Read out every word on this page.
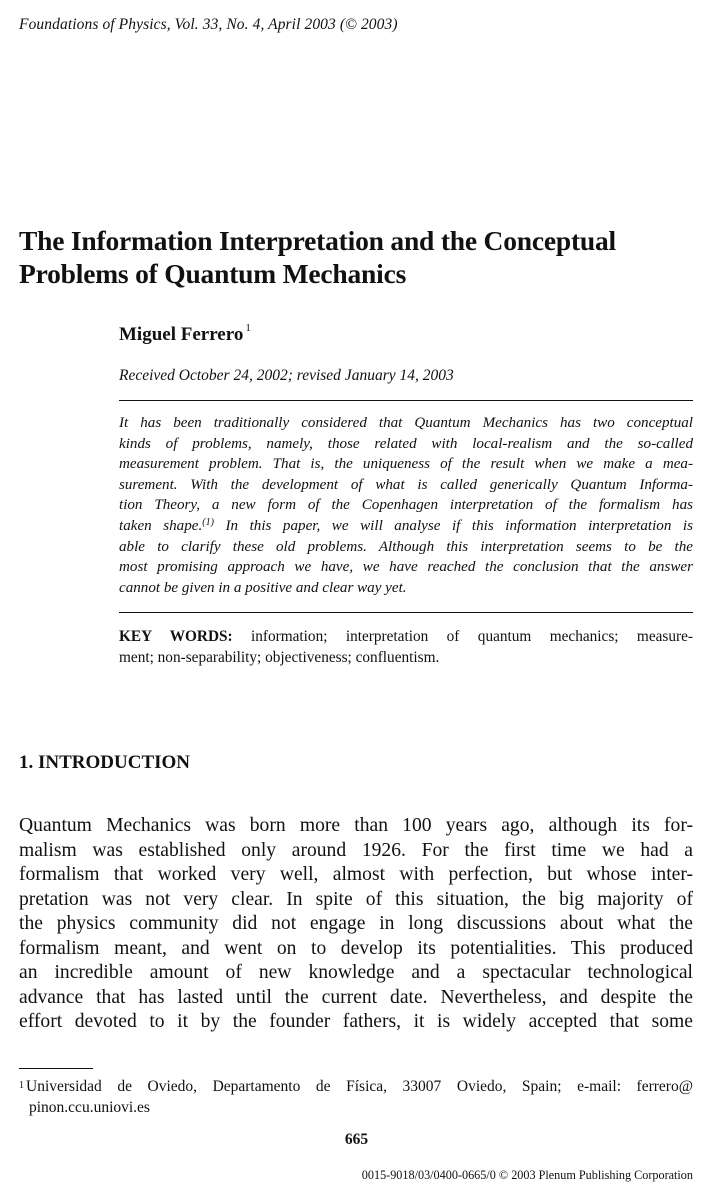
Foundations of Physics, Vol. 33, No. 4, April 2003 (© 2003)
The Information Interpretation and the Conceptual Problems of Quantum Mechanics
Miguel Ferrero $^1$
Received October 24, 2002; revised January 14, 2003
It has been traditionally considered that Quantum Mechanics has two conceptual
kinds of problems, namely, those related with local-realism and the so-called
measurement problem. That is, the uniqueness of the result when we make a mea-
surement. With the development of what is called generically Quantum Informa-
tion Theory, a new form of the Copenhagen interpretation of the formalism has
taken shape.$^{(1)}$ In this paper, we will analyse if this information interpretation is
able to clarify these old problems. Although this interpretation seems to be the
most promising approach we have, we have reached the conclusion that the answer
cannot be given in a positive and clear way yet.
KEY WORDS: information; interpretation of quantum mechanics; measure-
ment; non-separability; objectiveness; confluentism.
1. INTRODUCTION
Quantum Mechanics was born more than 100 years ago, although its for-
malism was established only around 1926. For the first time we had a
formalism that worked very well, almost with perfection, but whose inter-
pretation was not very clear. In spite of this situation, the big majority of
the physics community did not engage in long discussions about what the
formalism meant, and went on to develop its potentialities. This produced
an incredible amount of new knowledge and a spectacular technological
advance that has lasted until the current date. Nevertheless, and despite the
effort devoted to it by the founder fathers, it is widely accepted that some
$^1$ Universidad de Oviedo, Departamento de Física, 33007 Oviedo, Spain; e-mail: ferrero@
pinon.ccu.uniovi.es
665
0015-9018/03/0400-0665/0 © 2003 Plenum Publishing Corporation
